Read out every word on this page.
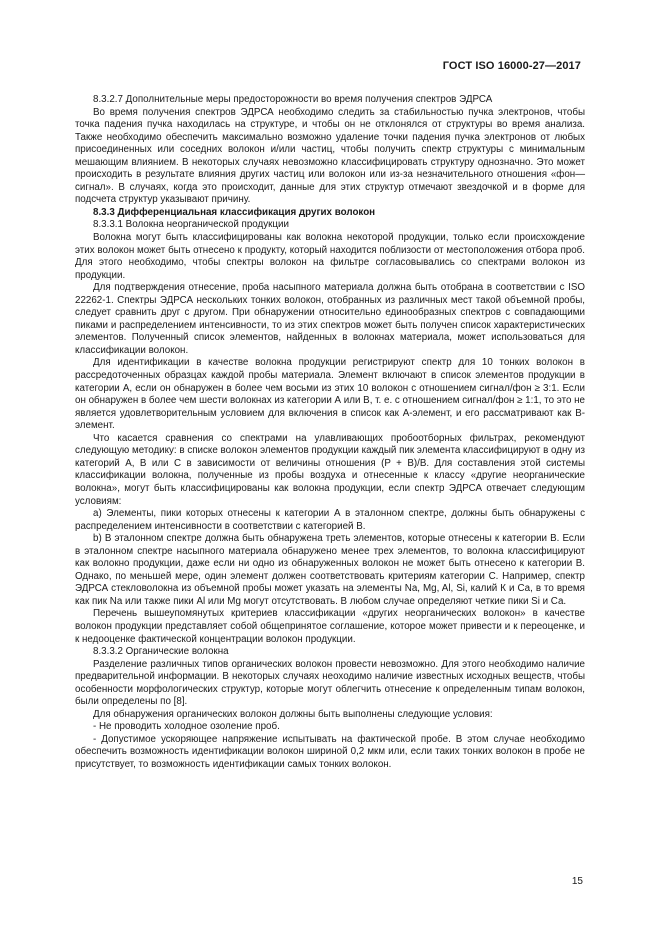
ГОСТ ISO 16000-27—2017

8.3.2.7 Дополнительные меры предосторожности во время получения спектров ЭДРСА

Во время получения спектров ЭДРСА необходимо следить за стабильностью пучка электронов, чтобы точка падения пучка находилась на структуре, и чтобы он не отклонялся от структуры во время анализа. Также необходимо обеспечить максимально возможно удаление точки падения пучка электронов от любых присоединенных или соседних волокон и/или частиц, чтобы получить спектр структуры с минимальным мешающим влиянием. В некоторых случаях невозможно классифицировать структуру однозначно. Это может происходить в результате влияния других частиц или волокон или из-за незначительного отношения «фон—сигнал». В случаях, когда это происходит, данные для этих структур отмечают звездочкой и в форме для подсчета структур указывают причину.

8.3.3 Дифференциальная классификация других волокон

8.3.3.1 Волокна неорганической продукции

Волокна могут быть классифицированы как волокна некоторой продукции, только если происхождение этих волокон может быть отнесено к продукту, который находится поблизости от местоположения отбора проб. Для этого необходимо, чтобы спектры волокон на фильтре согласовывались со спектрами волокон из продукции.

Для подтверждения отнесение, проба насыпного материала должна быть отобрана в соответствии с ISO 22262-1. Спектры ЭДРСА нескольких тонких волокон, отобранных из различных мест такой объемной пробы, следует сравнить друг с другом. При обнаружении относительно единообразных спектров с совпадающими пиками и распределением интенсивности, то из этих спектров может быть получен список характеристических элементов. Полученный список элементов, найденных в волокнах материала, может использоваться для классификации волокон.

Для идентификации в качестве волокна продукции регистрируют спектр для 10 тонких волокон в рассредоточенных образцах каждой пробы материала. Элемент включают в список элементов продукции в категории А, если он обнаружен в более чем восьми из этих 10 волокон с отношением сигнал/фон ≥ 3:1. Если он обнаружен в более чем шести волокнах из категории А или В, т. е. с отношением сигнал/фон ≥ 1:1, то это не является удовлетворительным условием для включения в список как А-элемент, и его рассматривают как В-элемент.

Что касается сравнения со спектрами на улавливающих пробоотборных фильтрах, рекомендуют следующую методику: в списке волокон элементов продукции каждый пик элемента классифицируют в одну из категорий А, В или С в зависимости от величины отношения (P + B)/B. Для составления этой системы классификации волокна, полученные из пробы воздуха и отнесенные к классу «другие неорганические волокна», могут быть классифицированы как волокна продукции, если спектр ЭДРСА отвечает следующим условиям:

а) Элементы, пики которых отнесены к категории А в эталонном спектре, должны быть обнаружены с распределением интенсивности в соответствии с категорией В.

b) В эталонном спектре должна быть обнаружена треть элементов, которые отнесены к категории В. Если в эталонном спектре насыпного материала обнаружено менее трех элементов, то волокна классифицируют как волокно продукции, даже если ни одно из обнаруженных волокон не может быть отнесено к категории В. Однако, по меньшей мере, один элемент должен соответствовать критериям категории С. Например, спектр ЭДРСА стекловолокна из объемной пробы может указать на элементы Na, Mg, Al, Si, калий К и Са, в то время как пик Na или также пики Al или Mg могут отсутствовать. В любом случае определяют четкие пики Si и Са.

Перечень вышеупомянутых критериев классификации «других неорганических волокон» в качестве волокон продукции представляет собой общепринятое соглашение, которое может привести и к переоценке, и к недооценке фактической концентрации волокон продукции.

8.3.3.2 Органические волокна

Разделение различных типов органических волокон провести невозможно. Для этого необходимо наличие предварительной информации. В некоторых случаях неоходимо наличие известных исходных веществ, чтобы особенности морфологических структур, которые могут облегчить отнесение к определенным типам волокон, были определены по [8].

Для обнаружения органических волокон должны быть выполнены следующие условия:

- Не проводить холодное озоление проб.

- Допустимое ускоряющее напряжение испытывать на фактической пробе. В этом случае необходимо обеспечить возможность идентификации волокон шириной 0,2 мкм или, если таких тонких волокон в пробе не присутствует, то возможность идентификации самых тонких волокон.

15
